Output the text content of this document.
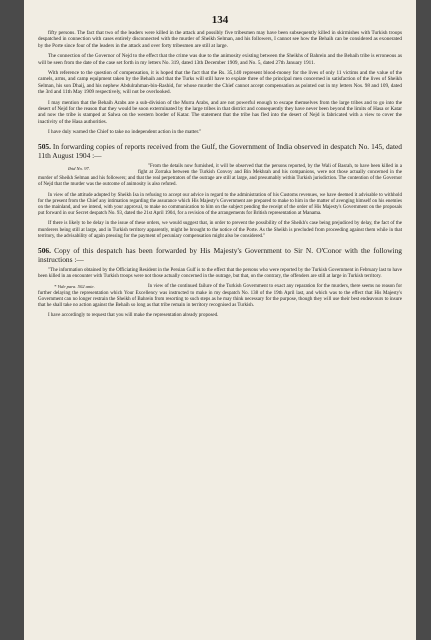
134

fifty persons. The fact that two of the leaders were killed in the attack and possibly five tribesmen may have been subsequently killed in skirmishes with Turkish troops despatched in connection with cases entirely disconnected with the murder of Sheikh Selman, and his followers, I cannot see how the Behaih can be considered as exonerated by the Porte since four of the leaders in the attack and over forty tribesmen are still at large.

The connection of the Governor of Nejd to the effect that the crime was due to the animosity existing between the Sheikhs of Bahrein and the Behaih tribe is erroneous as will be seen from the date of the case set forth in my letters No. 319, dated 13th December 1909, and No. 5, dated 27th January 1911.

With reference to the question of compensation, it is hoped that the fact that the Rs. 35,140 represent blood-money for the lives of only 11 victims and the value of the camels, arms, and camp equipment taken by the Behaih and that the Turks will still have to expiate three of the principal men concerned in satisfaction of the lives of Sheikh Selman, his son Dhaij, and his nephew Abdulrahman-bin-Rashid, for whose murder the Chief cannot accept compensation as pointed out in my letters Nos. 98 and 109, dated the 3rd and 11th May 1909 respectively, will not be overlooked.

I may mention that the Behaih Arabs are a sub-division of the Murra Arabs, and are not powerful enough to escape themselves from the large tribes and to go into the desert of Nejd for the reason that they would be soon exterminated by the large tribes in that district and consequently they have never been beyond the limits of Hasa or Katar and now the tribe is stamped at Salwa on the western border of Katar. The statement that the tribe has fled into the desert of Nejd is fabricated with a view to cover the inactivity of the Hasa authorities.

I have duly warned the Chief to take no independent action in the matter."

505. In forwarding copies of reports received from the Gulf, the Government of India observed in despatch No. 145, dated 11th August 1904 :—
Ibid No. 97.	"From the details now furnished, it will be observed that the persons reported, by the Wali of Basrah, to have been killed in a fight at Zorraka between the Turkish Convoy and Bin Mekhrah and his companions, were not those actually concerned in the murder of Sheikh Selman and his followers; and that the real perpetrators of the outrage are still at large, and presumably within Turkish jurisdiction. The contention of the Governor of Nejd that the murder was the outcome of animosity is also refuted.

In view of the attitude adopted by Sheikh Isa in refusing to accept our advice in regard to the administration of his Customs revenues, we have deemed it advisable to withhold for the present from the Chief any intimation regarding the assurance which His Majesty's Government are prepared to make to him in the matter of avenging himself on his enemies on the mainland, and we intend, with your approval, to make no communication to him on the subject pending the receipt of the order of His Majesty's Government on the proposals put forward in our Secret despatch No. 93, dated the 21st April 1904, for a revision of the arrangements for British representation at Manama.

If there is likely to be delay in the issue of these orders, we would suggest that, in order to prevent the possibility of the Sheikh's case being prejudiced by delay, the fact of the murderers being still at large, and in Turkish territory apparently, might be brought to the notice of the Porte. As the Sheikh is precluded from proceeding against them while in that territory, the advisability of again pressing for the payment of pecuniary compensation might also be considered."

506. Copy of this despatch has been forwarded by His Majesty's Government to Sir N. O'Conor with the following instructions :—

"The information obtained by the Officiating Resident in the Persian Gulf is to the effect that the persons who were reported by the Turkish Government in February last to have been killed in an encounter with Turkish troops were not those actually concerned in the outrage, but that, on the contrary, the offenders are still at large in Turkish territory.

* Vide para. 502 ante.	In view of the continued failure of the Turkish Government to exact any reparation for the murders, there seems no reason for further delaying the representation which Your Excellency was instructed to make in my despatch No. 138 of the 19th April last, and which was to the effect that His Majesty's Government can no longer restrain the Sheikh of Bahrein from resorting to such steps as he may think necessary for the purpose, though they will use their best endeavours to insure that he shall take no action against the Behaih so long as that tribe remain in territory recognised as Turkish.

I have accordingly to request that you will make the representation already proposed.
